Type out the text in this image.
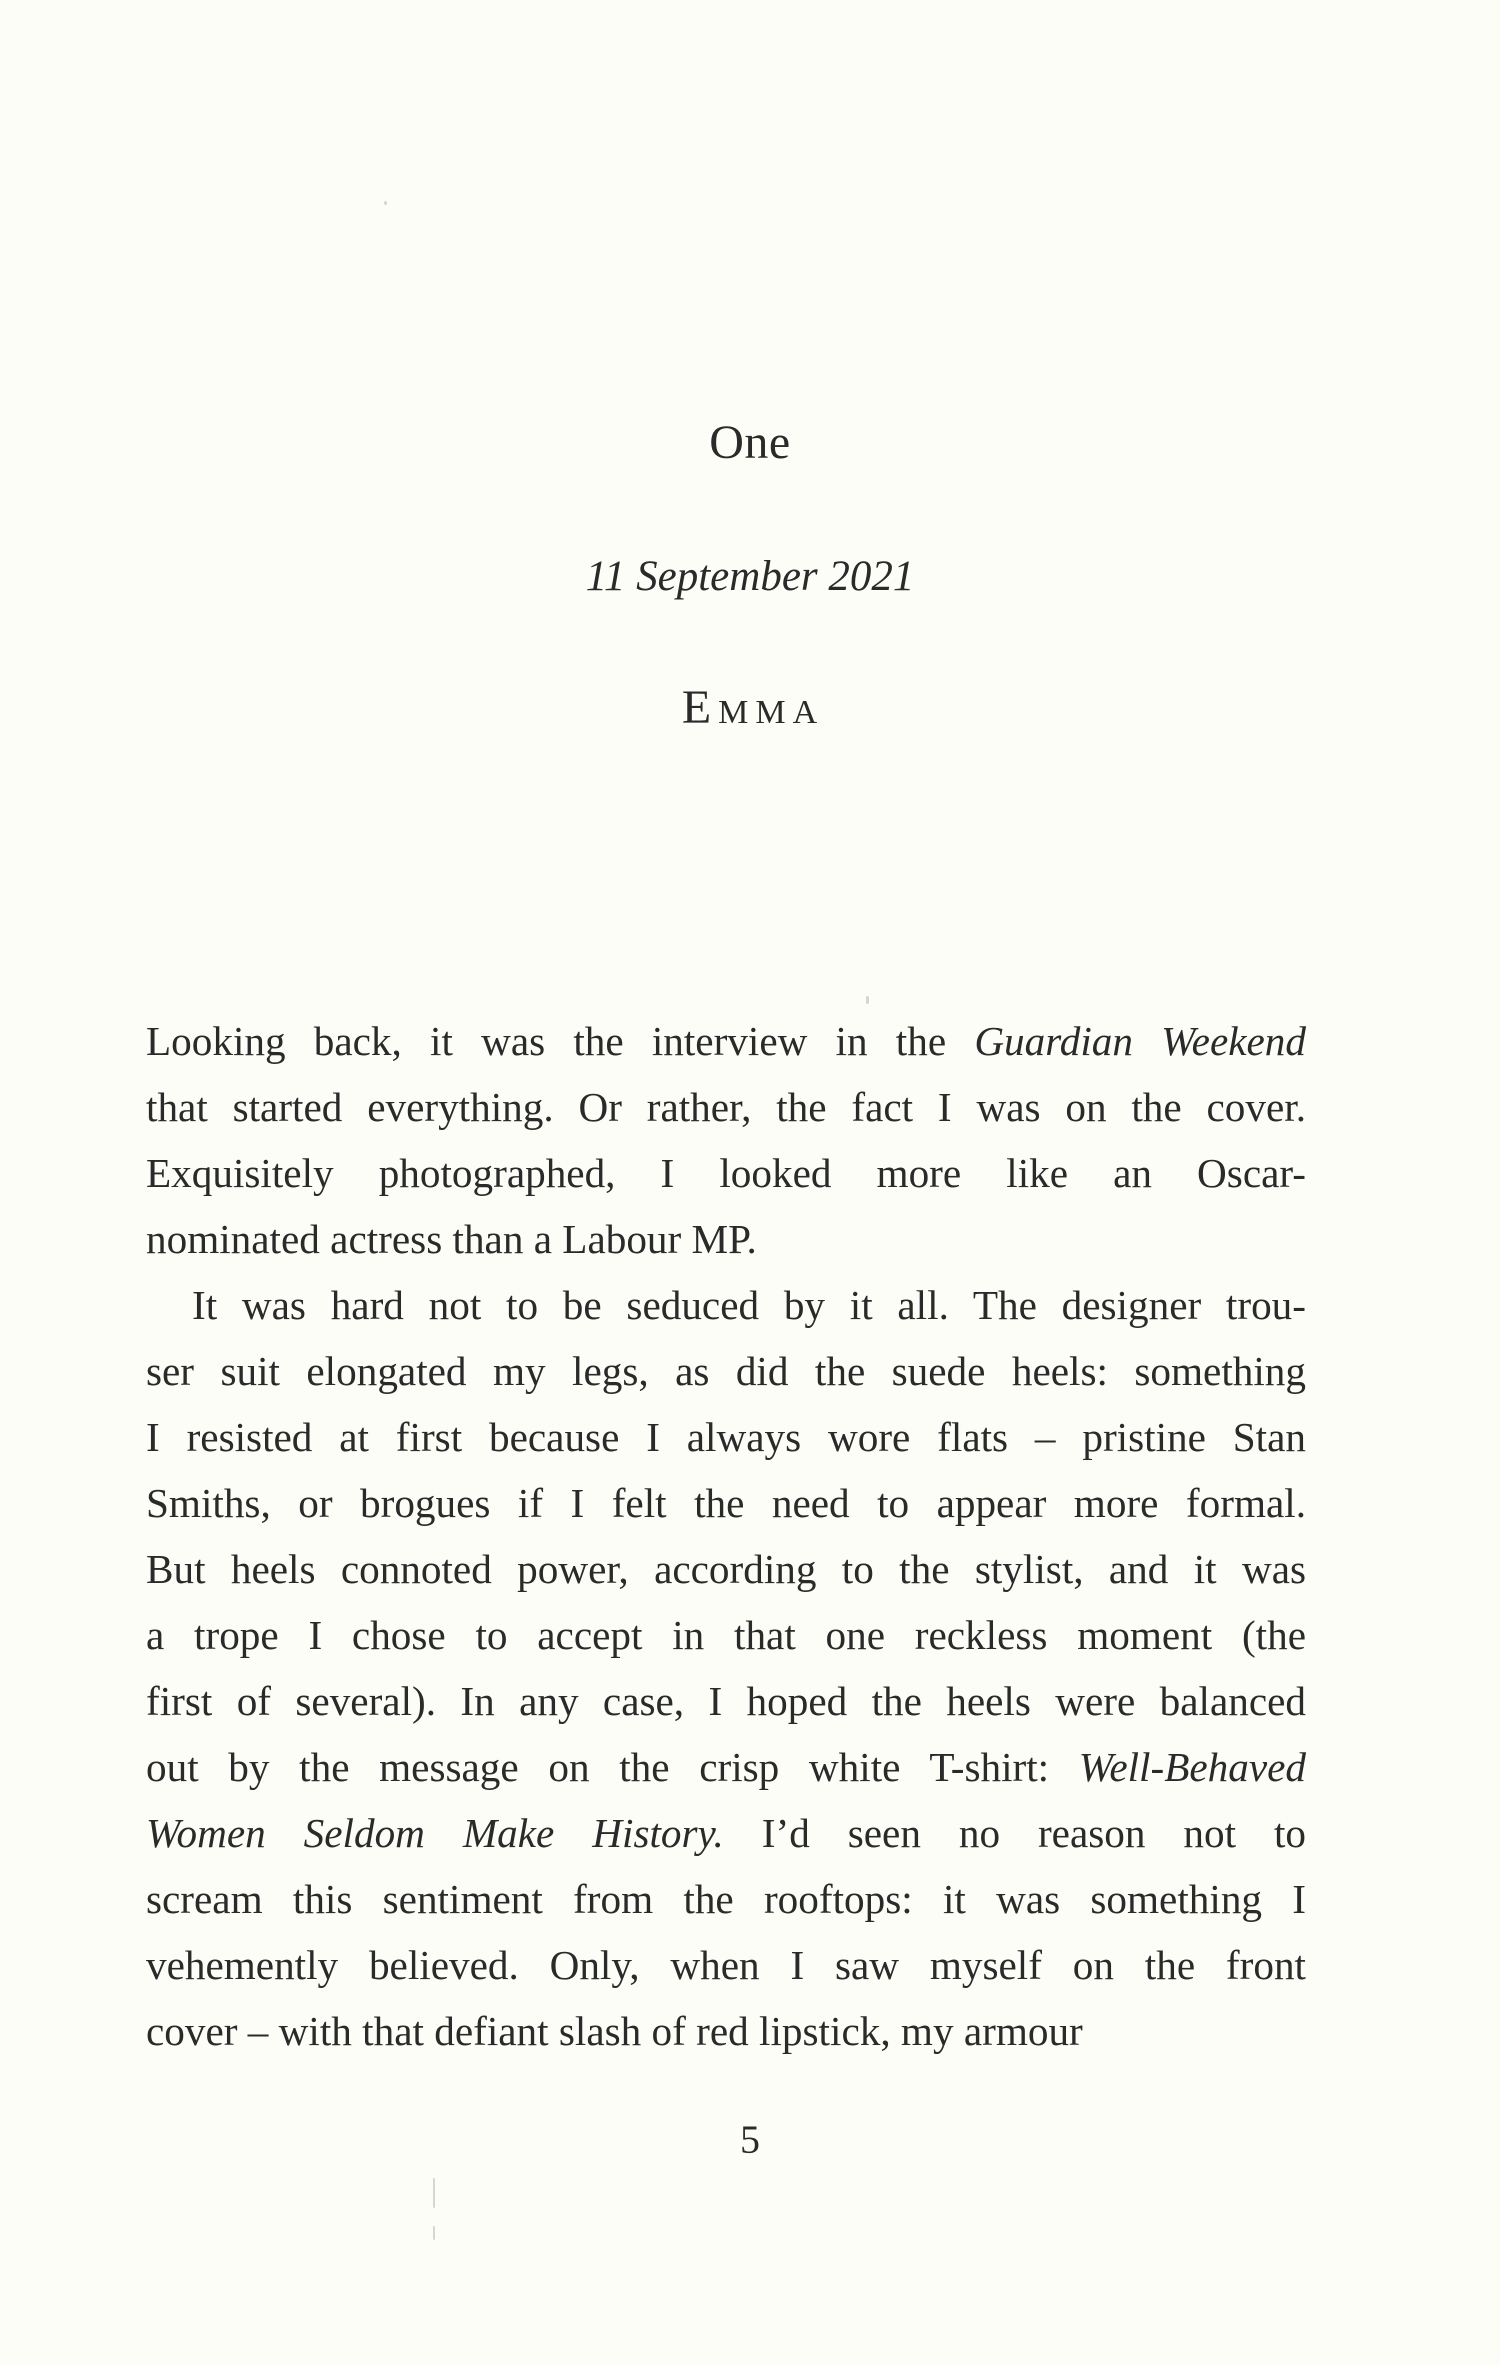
One
11 September 2021
Emma
Looking back, it was the interview in the Guardian Weekend
that started everything. Or rather, the fact I was on the cover.
Exquisitely photographed, I looked more like an Oscar-
nominated actress than a Labour MP.
It was hard not to be seduced by it all. The designer trou-
ser suit elongated my legs, as did the suede heels: something
I resisted at first because I always wore flats – pristine Stan
Smiths, or brogues if I felt the need to appear more formal.
But heels connoted power, according to the stylist, and it was
a trope I chose to accept in that one reckless moment (the
first of several). In any case, I hoped the heels were balanced
out by the message on the crisp white T-shirt: Well-Behaved
Women Seldom Make History. I’d seen no reason not to
scream this sentiment from the rooftops: it was something I
vehemently believed. Only, when I saw myself on the front
cover – with that defiant slash of red lipstick, my armour
5
